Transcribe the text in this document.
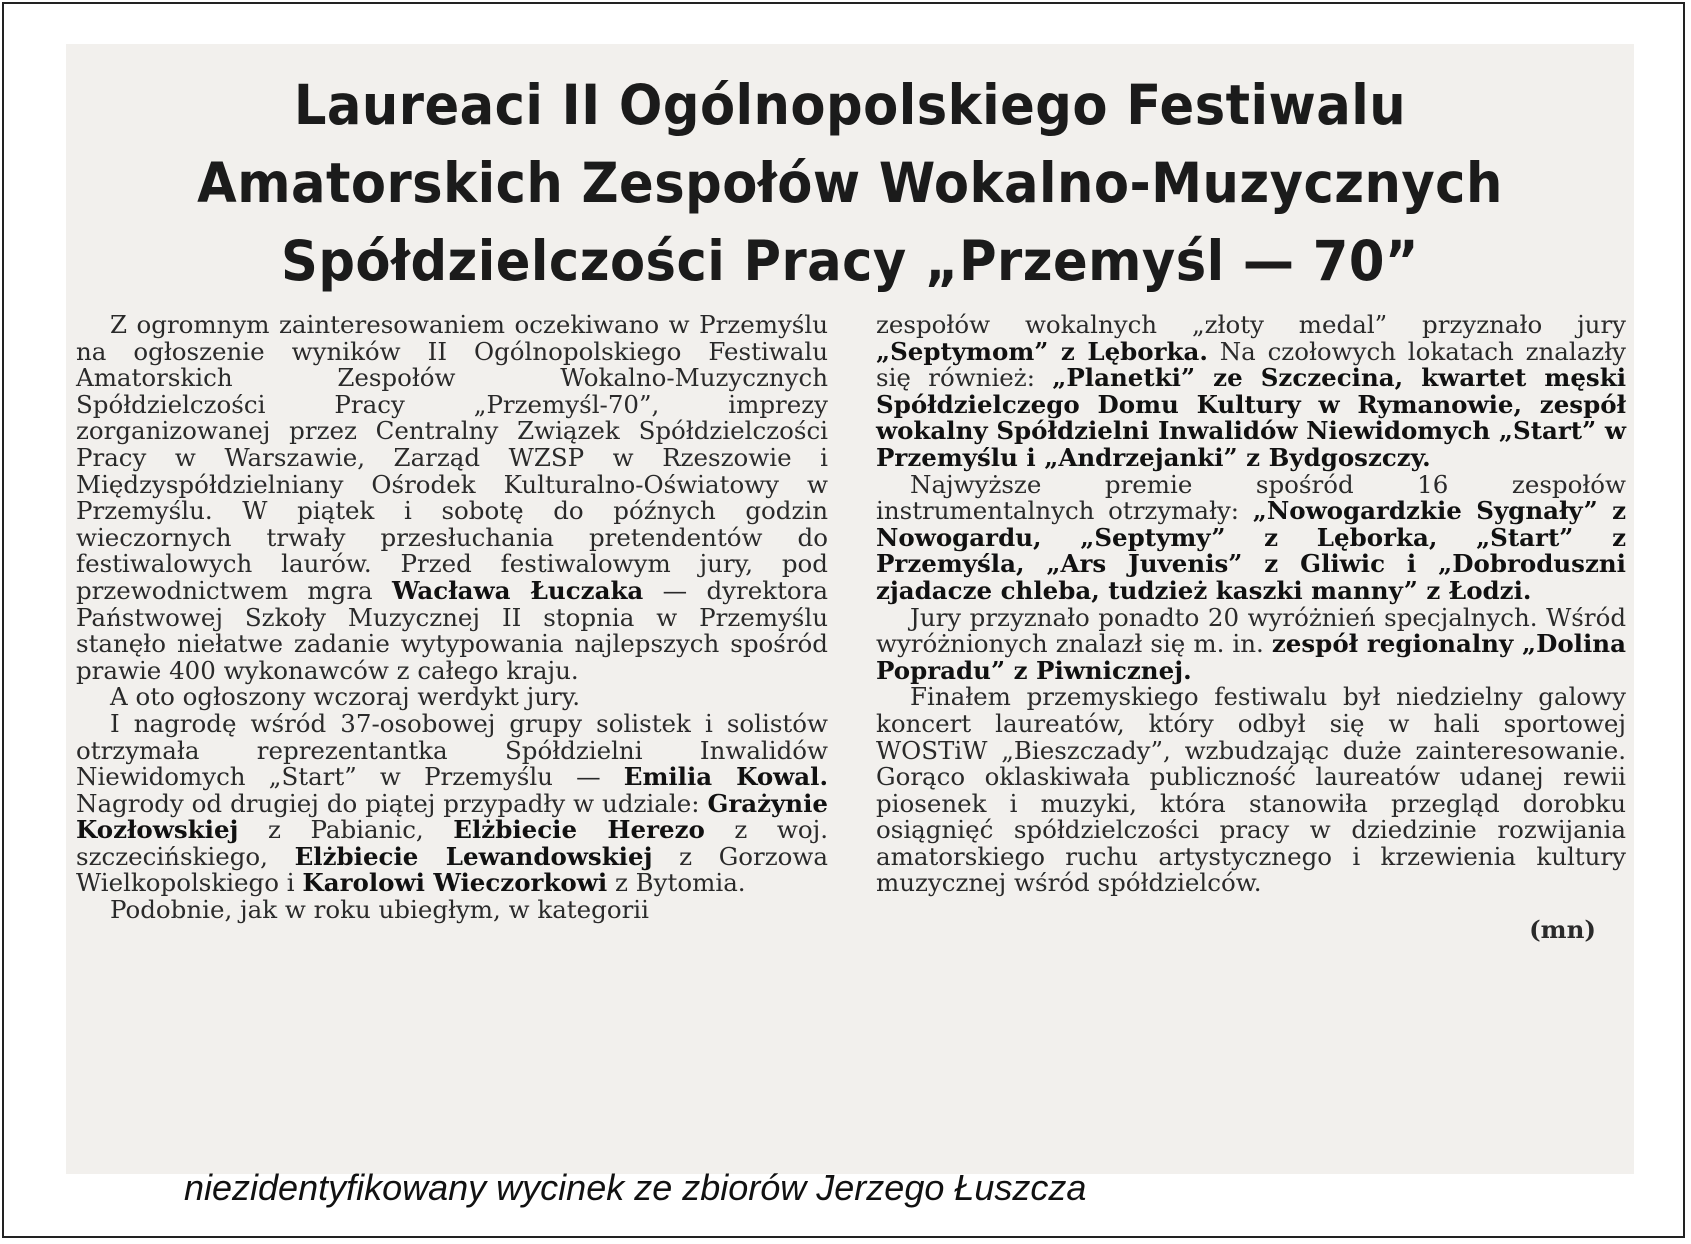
Laureaci II Ogólnopolskiego Festiwalu
Amatorskich Zespołów Wokalno-Muzycznych
Spółdzielczości Pracy „Przemyśl — 70”

Z ogromnym zainteresowaniem oczekiwano w Przemyślu na ogłoszenie wyników II Ogólnopolskiego Festiwalu Amatorskich Zespołów Wokalno-Muzycznych Spółdzielczości Pracy „Przemyśl-70”, imprezy zorganizowanej przez Centralny Związek Spółdzielczości Pracy w Warszawie, Zarząd WZSP w Rzeszowie i Międzyspółdzielniany Ośrodek Kulturalno-Oświatowy w Przemyślu. W piątek i sobotę do późnych godzin wieczornych trwały przesłuchania pretendentów do festiwalowych laurów. Przed festiwalowym jury, pod przewodnictwem mgra Wacława Łuczaka — dyrektora Państwowej Szkoły Muzycznej II stopnia w Przemyślu stanęło niełatwe zadanie wytypowania najlepszych spośród prawie 400 wykonawców z całego kraju.

A oto ogłoszony wczoraj werdykt jury.

I nagrodę wśród 37-osobowej grupy solistek i solistów otrzymała reprezentantka Spółdzielni Inwalidów Niewidomych „Start” w Przemyślu — Emilia Kowal. Nagrody od drugiej do piątej przypadły w udziale: Grażynie Kozłowskiej z Pabianic, Elżbiecie Herezo z woj. szczecińskiego, Elżbiecie Lewandowskiej z Gorzowa Wielkopolskiego i Karolowi Wieczorkowi z Bytomia.

Podobnie, jak w roku ubiegłym, w kategorii

zespołów wokalnych „złoty medal” przyznało jury „Septymom” z Lęborka. Na czołowych lokatach znalazły się również: „Planetki” ze Szczecina, kwartet męski Spółdzielczego Domu Kultury w Rymanowie, zespół wokalny Spółdzielni Inwalidów Niewidomych „Start” w Przemyślu i „Andrzejanki” z Bydgoszczy.

Najwyższe premie spośród 16 zespołów instrumentalnych otrzymały: „Nowogardzkie Sygnały” z Nowogardu, „Septymy” z Lęborka, „Start” z Przemyśla, „Ars Juvenis” z Gliwic i „Dobroduszni zjadacze chleba, tudzież kaszki manny” z Łodzi.

Jury przyznało ponadto 20 wyróżnień specjalnych. Wśród wyróżnionych znalazł się m. in. zespół regionalny „Dolina Popradu” z Piwnicznej.

Finałem przemyskiego festiwalu był niedzielny galowy koncert laureatów, który odbył się w hali sportowej WOSTiW „Bieszczady”, wzbudzając duże zainteresowanie. Gorąco oklaskiwała publiczność laureatów udanej rewii piosenek i muzyki, która stanowiła przegląd dorobku osiągnięć spółdzielczości pracy w dziedzinie rozwijania amatorskiego ruchu artystycznego i krzewienia kultury muzycznej wśród spółdzielców.

(mn)
niezidentyfikowany wycinek ze zbiorów Jerzego Łuszcza
